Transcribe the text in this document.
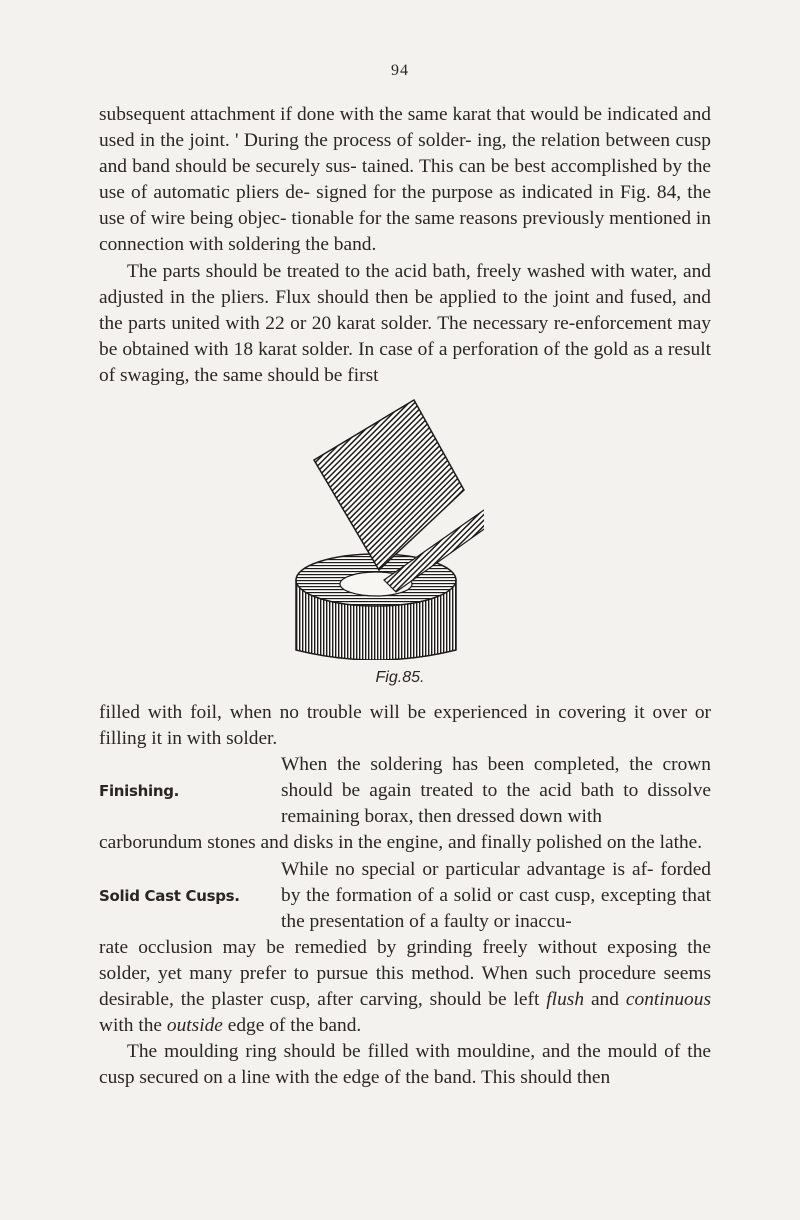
94

subsequent attachment if done with the same karat that would be indicated and used in the joint. ' During the process of solder- ing, the relation between cusp and band should be securely sus- tained. This can be best accomplished by the use of automatic pliers de- signed for the purpose as indicated in Fig. 84, the use of wire being objec- tionable for the same reasons previously mentioned in connection with soldering the band.

The parts should be treated to the acid bath, freely washed with water, and adjusted in the pliers. Flux should then be applied to the joint and fused, and the parts united with 22 or 20 karat solder. The necessary re-enforcement may be obtained with 18 karat solder. In case of a perforation of the gold as a result of swaging, the same should be first

Fig.85.

filled with foil, when no trouble will be experienced in covering it over or filling it in with solder.

Finishing.
When the soldering has been completed, the crown should be again treated to the acid bath to dissolve remaining borax, then dressed down with

carborundum stones and disks in the engine, and finally polished on the lathe.

Solid Cast Cusps.
While no special or particular advantage is af- forded by the formation of a solid or cast cusp, excepting that the presentation of a faulty or inaccu-

rate occlusion may be remedied by grinding freely without exposing the solder, yet many prefer to pursue this method. When such procedure seems desirable, the plaster cusp, after carving, should be left flush and continuous with the outside edge of the band.

The moulding ring should be filled with mouldine, and the mould of the cusp secured on a line with the edge of the band. This should then
